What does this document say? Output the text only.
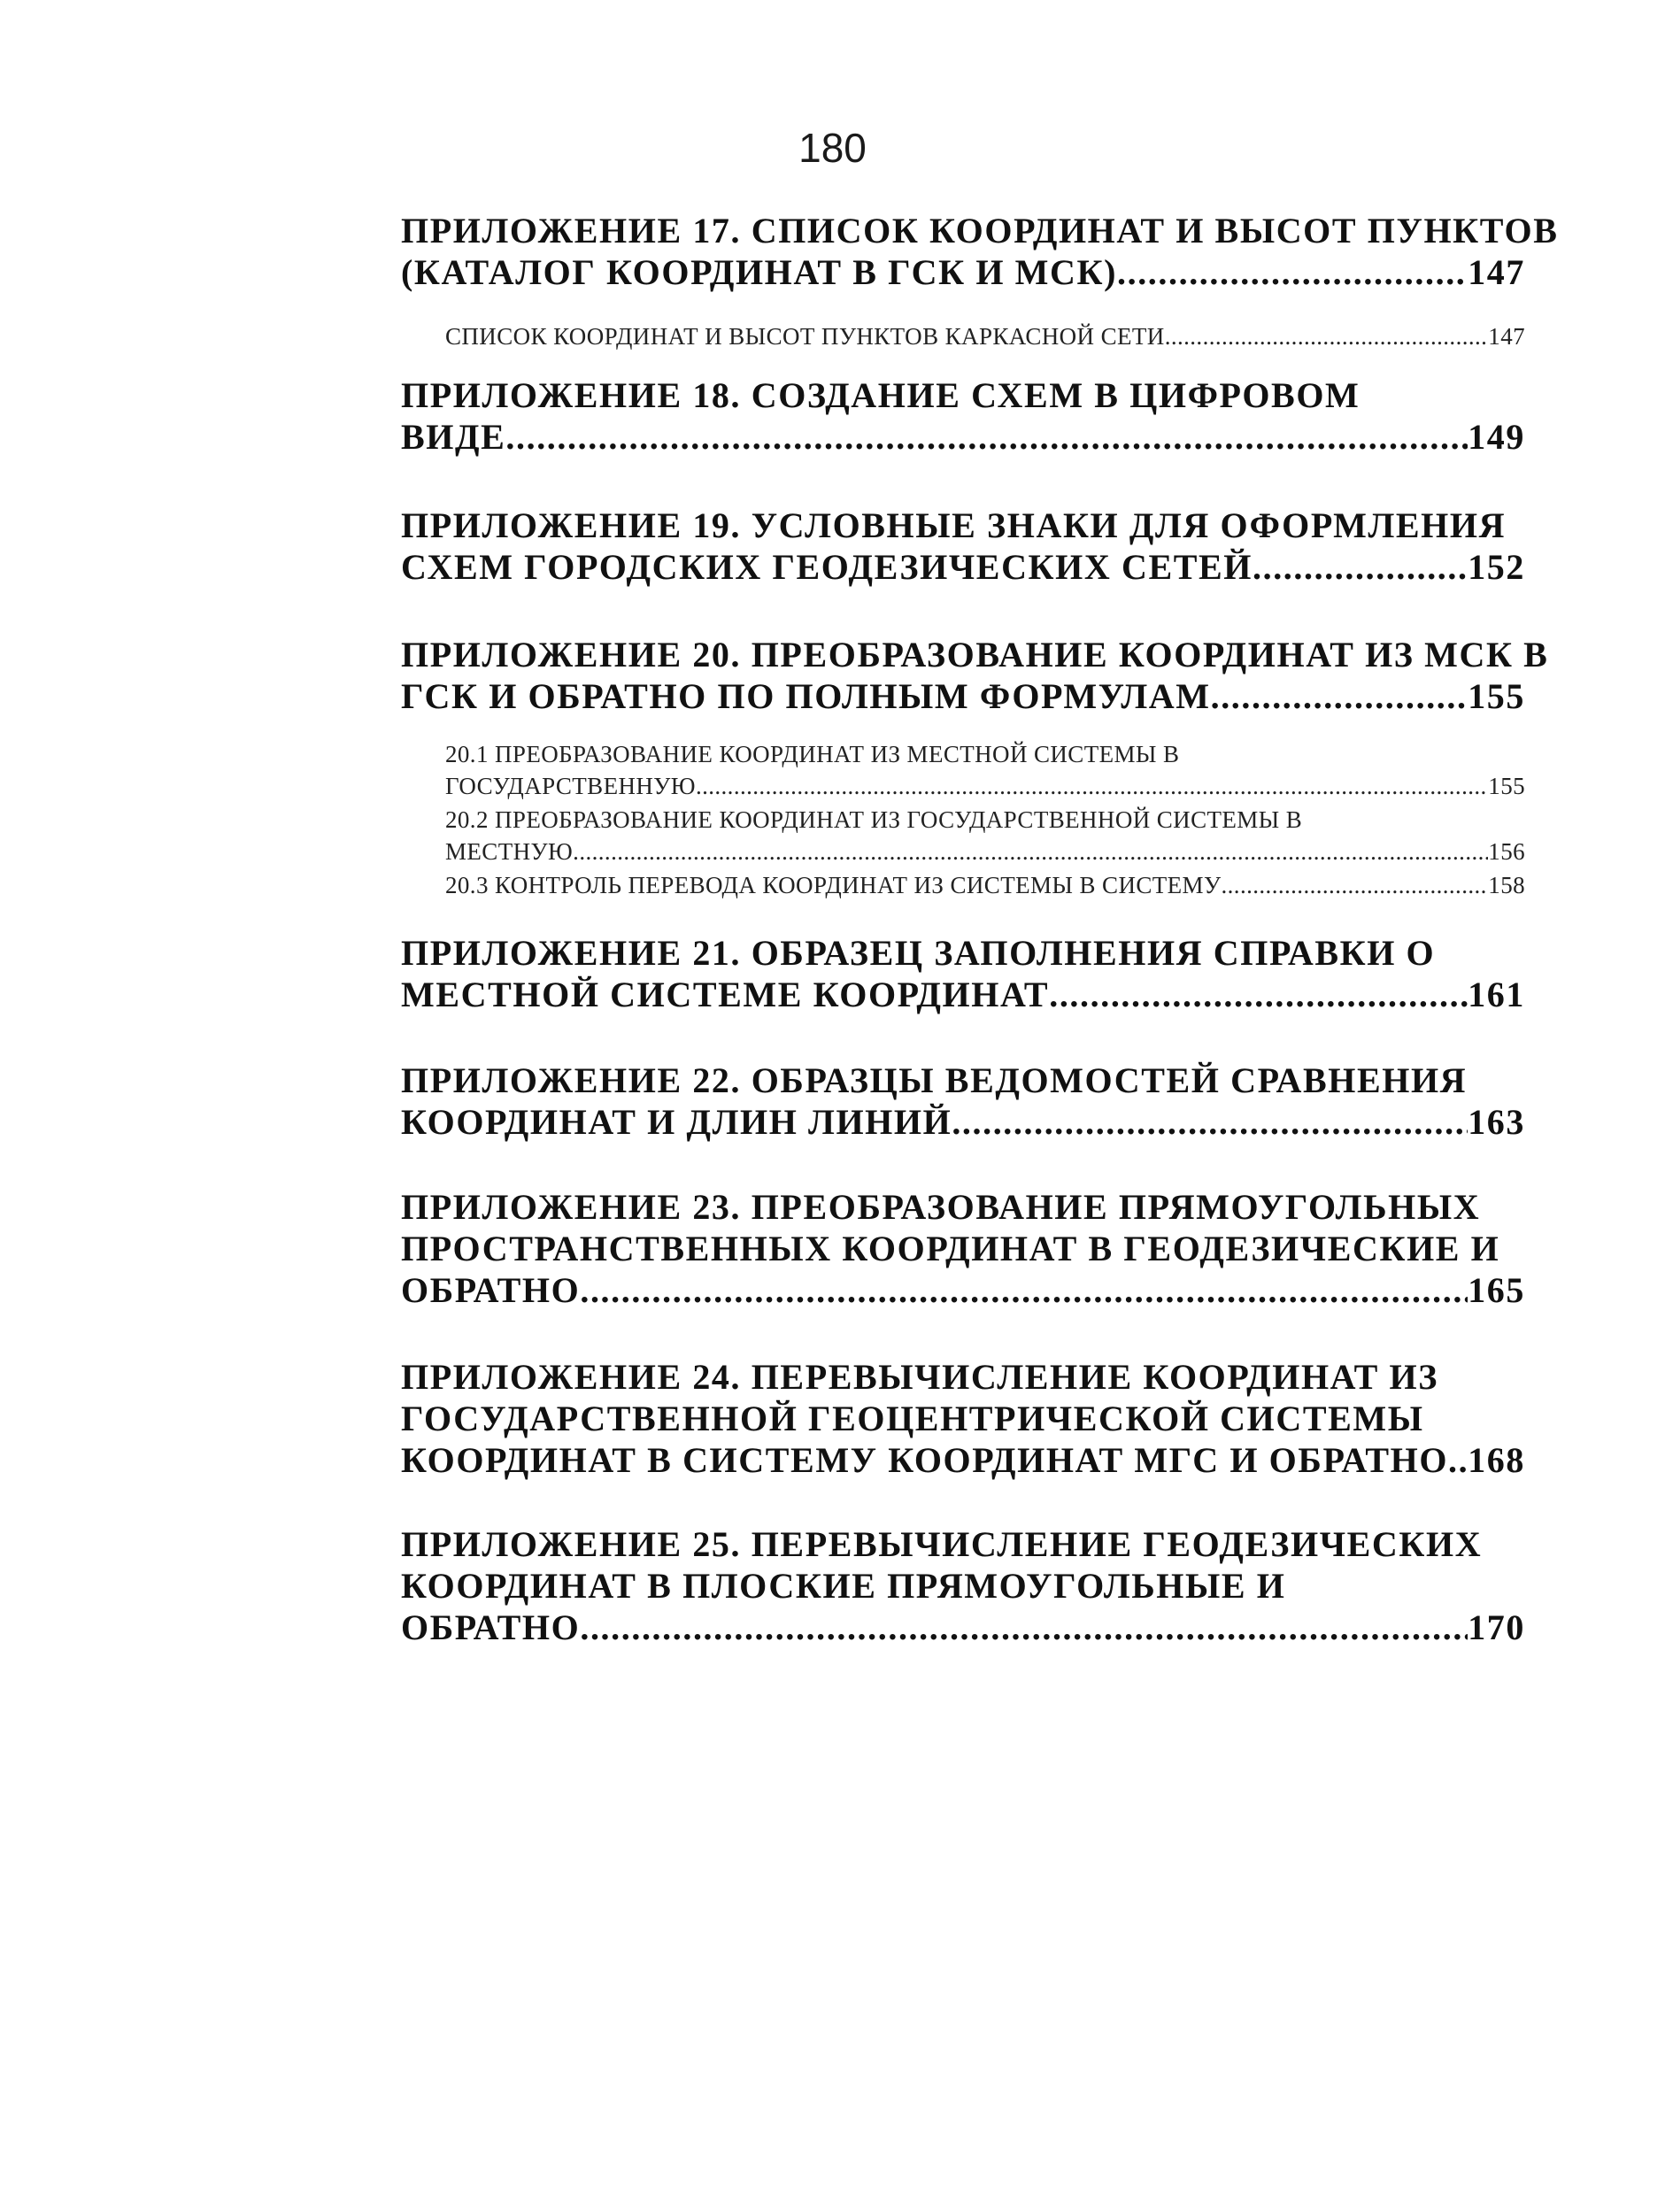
180
ПРИЛОЖЕНИЕ 17. СПИСОК КООРДИНАТ И ВЫСОТ ПУНКТОВ
(КАТАЛОГ КООРДИНАТ В ГСК И МСК) .....	147
СПИСОК КООРДИНАТ И ВЫСОТ ПУНКТОВ КАРКАСНОЙ СЕТИ .....	147
ПРИЛОЖЕНИЕ 18. СОЗДАНИЕ СХЕМ В ЦИФРОВОМ
ВИДЕ .....	149
ПРИЛОЖЕНИЕ 19. УСЛОВНЫЕ ЗНАКИ ДЛЯ ОФОРМЛЕНИЯ
СХЕМ ГОРОДСКИХ ГЕОДЕЗИЧЕСКИХ СЕТЕЙ .....	152
ПРИЛОЖЕНИЕ 20. ПРЕОБРАЗОВАНИЕ КООРДИНАТ ИЗ МСК В
ГСК И ОБРАТНО ПО ПОЛНЫМ ФОРМУЛАМ .....	155
20.1 ПРЕОБРАЗОВАНИЕ КООРДИНАТ ИЗ МЕСТНОЙ СИСТЕМЫ В
ГОСУДАРСТВЕННУЮ .....	155
20.2 ПРЕОБРАЗОВАНИЕ КООРДИНАТ ИЗ ГОСУДАРСТВЕННОЙ СИСТЕМЫ В
МЕСТНУЮ .....	156
20.3 КОНТРОЛЬ ПЕРЕВОДА КООРДИНАТ ИЗ СИСТЕМЫ В СИСТЕМУ .....	158
ПРИЛОЖЕНИЕ 21. ОБРАЗЕЦ ЗАПОЛНЕНИЯ СПРАВКИ О
МЕСТНОЙ СИСТЕМЕ КООРДИНАТ .....	161
ПРИЛОЖЕНИЕ 22. ОБРАЗЦЫ ВЕДОМОСТЕЙ СРАВНЕНИЯ
КООРДИНАТ И ДЛИН ЛИНИЙ .....	163
ПРИЛОЖЕНИЕ 23. ПРЕОБРАЗОВАНИЕ ПРЯМОУГОЛЬНЫХ
ПРОСТРАНСТВЕННЫХ КООРДИНАТ В ГЕОДЕЗИЧЕСКИЕ И
ОБРАТНО .....	165
ПРИЛОЖЕНИЕ 24. ПЕРЕВЫЧИСЛЕНИЕ КООРДИНАТ ИЗ
ГОСУДАРСТВЕННОЙ ГЕОЦЕНТРИЧЕСКОЙ СИСТЕМЫ
КООРДИНАТ В СИСТЕМУ КООРДИНАТ МГС И ОБРАТНО ..... 168
ПРИЛОЖЕНИЕ 25. ПЕРЕВЫЧИСЛЕНИЕ ГЕОДЕЗИЧЕСКИХ
КООРДИНАТ В ПЛОСКИЕ ПРЯМОУГОЛЬНЫЕ И
ОБРАТНО .....	170
